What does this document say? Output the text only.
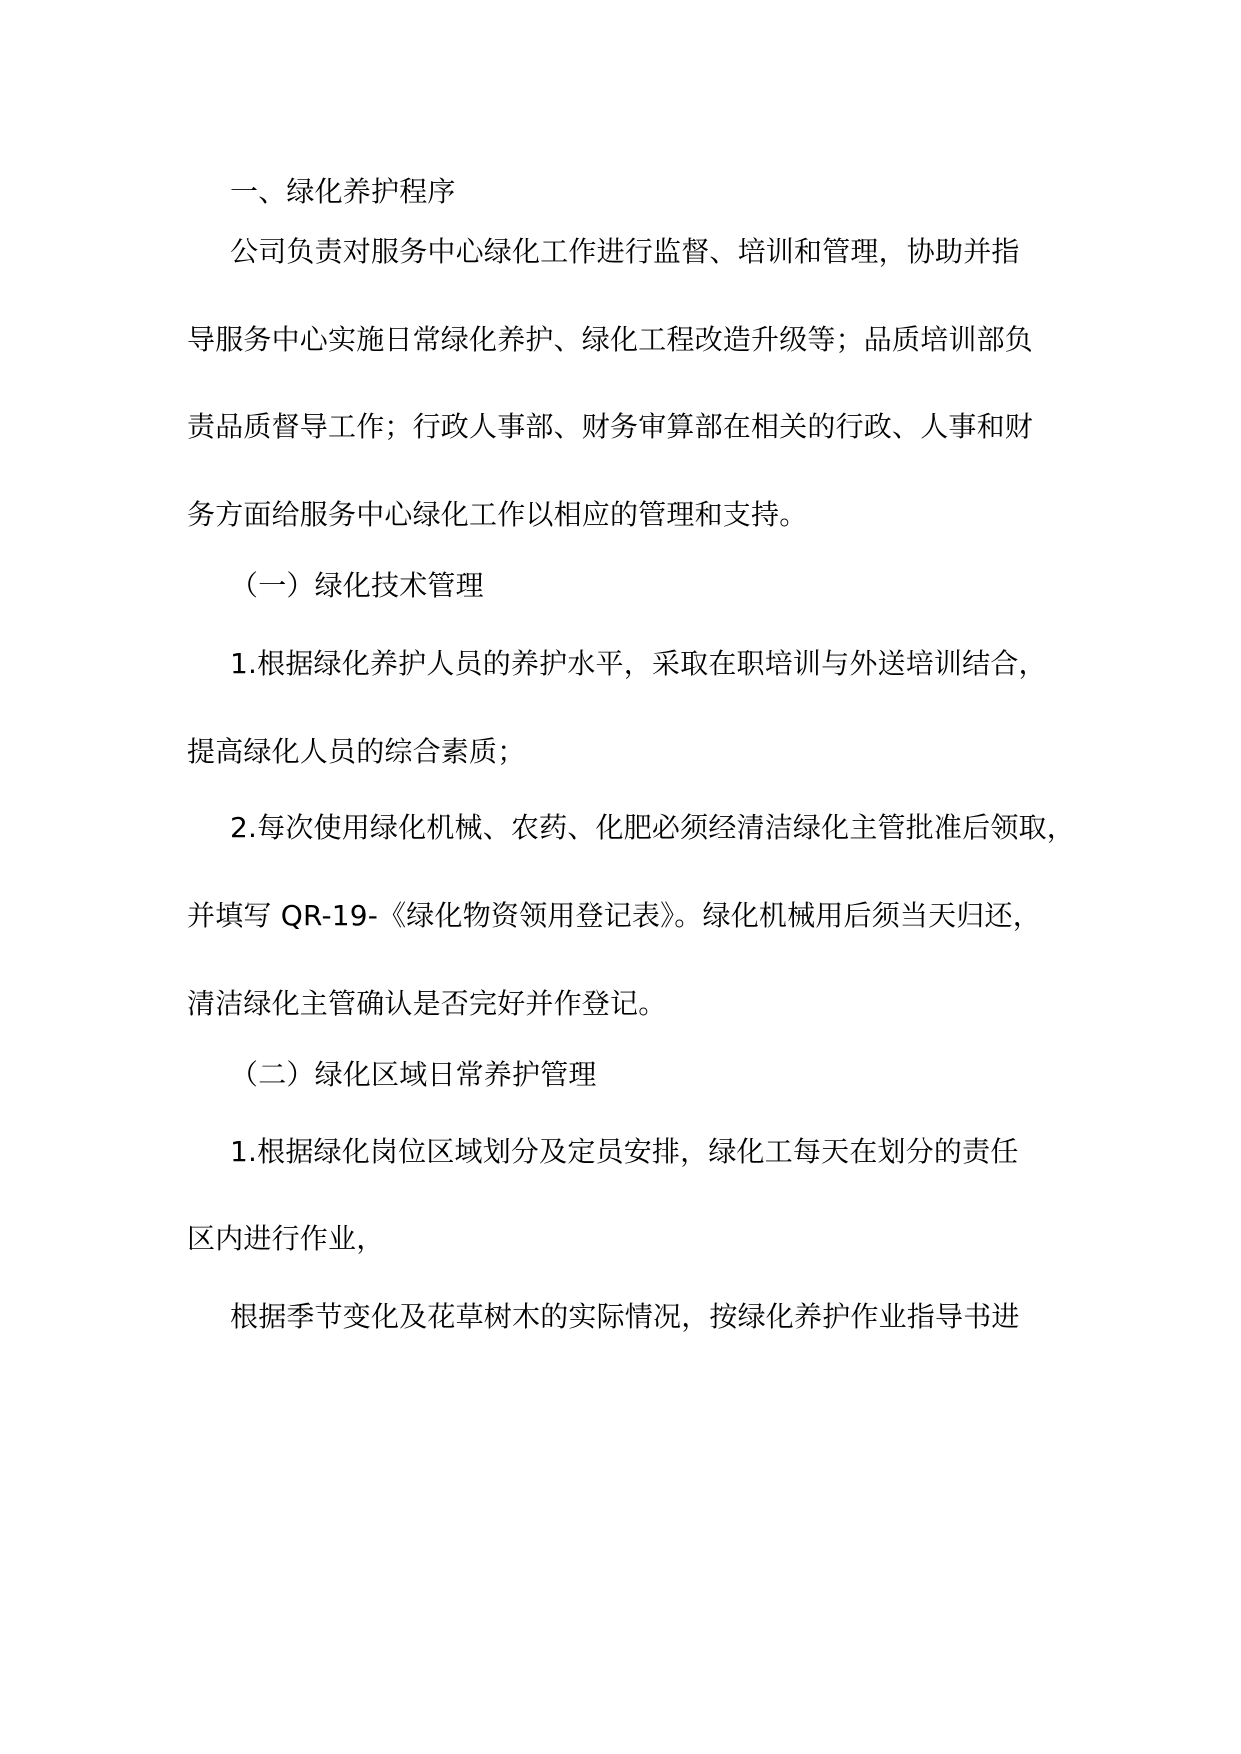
一、绿化养护程序
公司负责对服务中心绿化工作进行监督、培训和管理，协助并指
导服务中心实施日常绿化养护、绿化工程改造升级等；品质培训部负
责品质督导工作；行政人事部、财务审算部在相关的行政、人事和财
务方面给服务中心绿化工作以相应的管理和支持。
（一）绿化技术管理
1.根据绿化养护人员的养护水平，采取在职培训与外送培训结合，
提高绿化人员的综合素质；
2.每次使用绿化机械、农药、化肥必须经清洁绿化主管批准后领取，
并填写 QR-19-《绿化物资领用登记表》。绿化机械用后须当天归还，
清洁绿化主管确认是否完好并作登记。
（二）绿化区域日常养护管理
1.根据绿化岗位区域划分及定员安排，绿化工每天在划分的责任
区内进行作业，
根据季节变化及花草树木的实际情况，按绿化养护作业指导书进
